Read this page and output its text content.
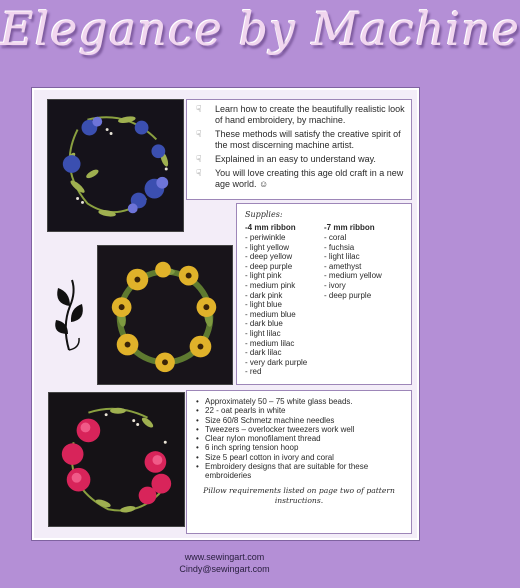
Elegance by Machine
☟ Learn how to create the beautifully realistic look of hand embroidery, by machine.
☟ These methods will satisfy the creative spirit of the most discerning machine artist.
☟ Explained in an easy to understand way.
☟ You will love creating this age old craft in a new age world. ☺
Supplies:
-4 mm ribbon
- periwinkle
- light yellow
- deep yellow
- deep purple
- light pink
- medium pink
- dark pink
- light blue
- medium blue
- dark blue
- light lilac
- medium lilac
- dark lilac
- very dark purple
- red
-7 mm ribbon
- coral
- fuchsia
- light lilac
- amethyst
- medium yellow
- ivory
- deep purple
• Approximately 50 – 75 white glass beads.
• 22 - oat pearls in white
• Size 60/8 Schmetz machine needles
• Tweezers – overlocker tweezers work well
• Clear nylon monofilament thread
• 6 inch spring tension hoop
• Size 5 pearl cotton in ivory and coral
• Embroidery designs that are suitable for these embroideries
Pillow requirements listed on page two of pattern instructions.
www.sewingart.com
Cindy@sewingart.com
